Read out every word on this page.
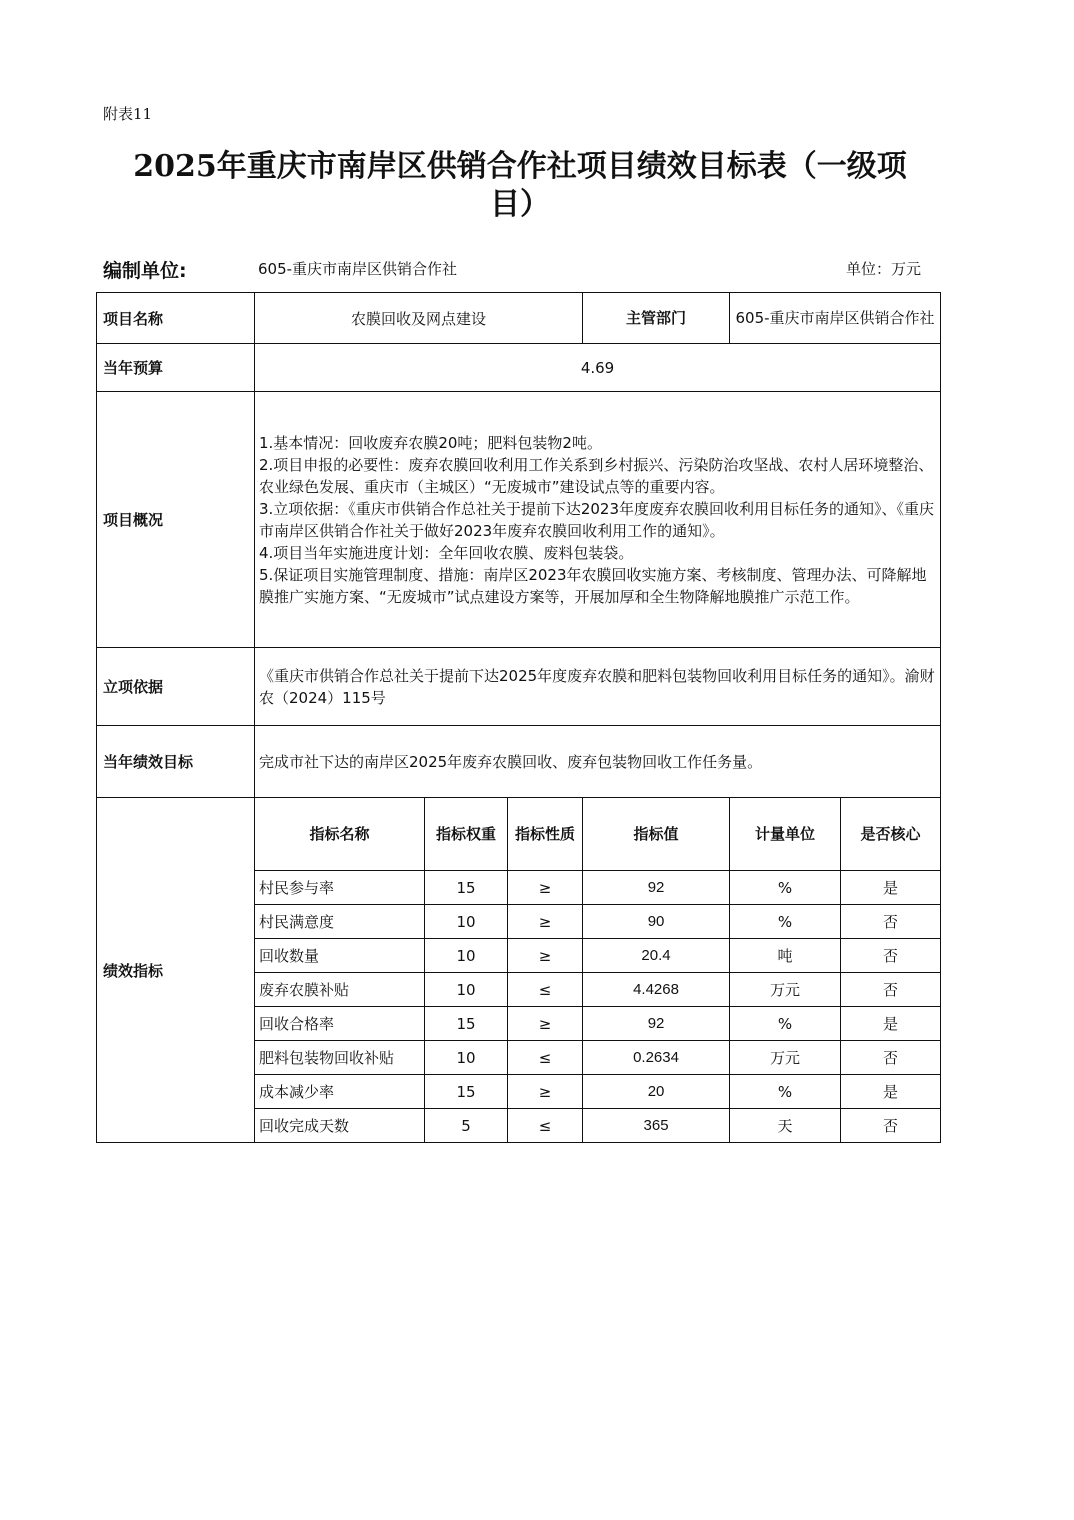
附表11
2025年重庆市南岸区供销合作社项目绩效目标表（一级项目）
编制单位:	605-重庆市南岸区供销合作社	单位：万元
项目名称	农膜回收及网点建设			主管部门	605-重庆市南岸区供销合作社	
当年预算	4.69					
项目概况	1.基本情况：回收废弃农膜20吨；肥料包装物2吨。
2.项目申报的必要性：废弃农膜回收利用工作关系到乡村振兴、污染防治攻坚战、农村人居环境整治、农业绿色发展、重庆市（主城区）“无废城市”建设试点等的重要内容。
3.立项依据：《重庆市供销合作总社关于提前下达2023年度废弃农膜回收利用目标任务的通知》、《重庆市南岸区供销合作社关于做好2023年废弃农膜回收利用工作的通知》。
4.项目当年实施进度计划：全年回收农膜、废料包装袋。
5.保证项目实施管理制度、措施：南岸区2023年农膜回收实施方案、考核制度、管理办法、可降解地膜推广实施方案、“无废城市”试点建设方案等，开展加厚和全生物降解地膜推广示范工作。					

立项依据	《重庆市供销合作总社关于提前下达2025年度废弃农膜和肥料包装物回收利用目标任务的通知》。渝财农（2024）115号					
当年绩效目标	完成市社下达的南岸区2025年废弃农膜回收、废弃包装物回收工作任务量。					
绩效指标	指标名称	指标权重	指标性质	指标值	计量单位	是否核心
	村民参与率	15	≥	92	%	是
	村民满意度	10	≥	90	%	否
	回收数量	10	≥	20.4	吨	否
	废弃农膜补贴	10	≤	4.4268	万元	否
	回收合格率	15	≥	92	%	是
	肥料包装物回收补贴	10	≤	0.2634	万元	否
	成本减少率	15	≥	20	%	是
	回收完成天数	5	≤	365	天	否
